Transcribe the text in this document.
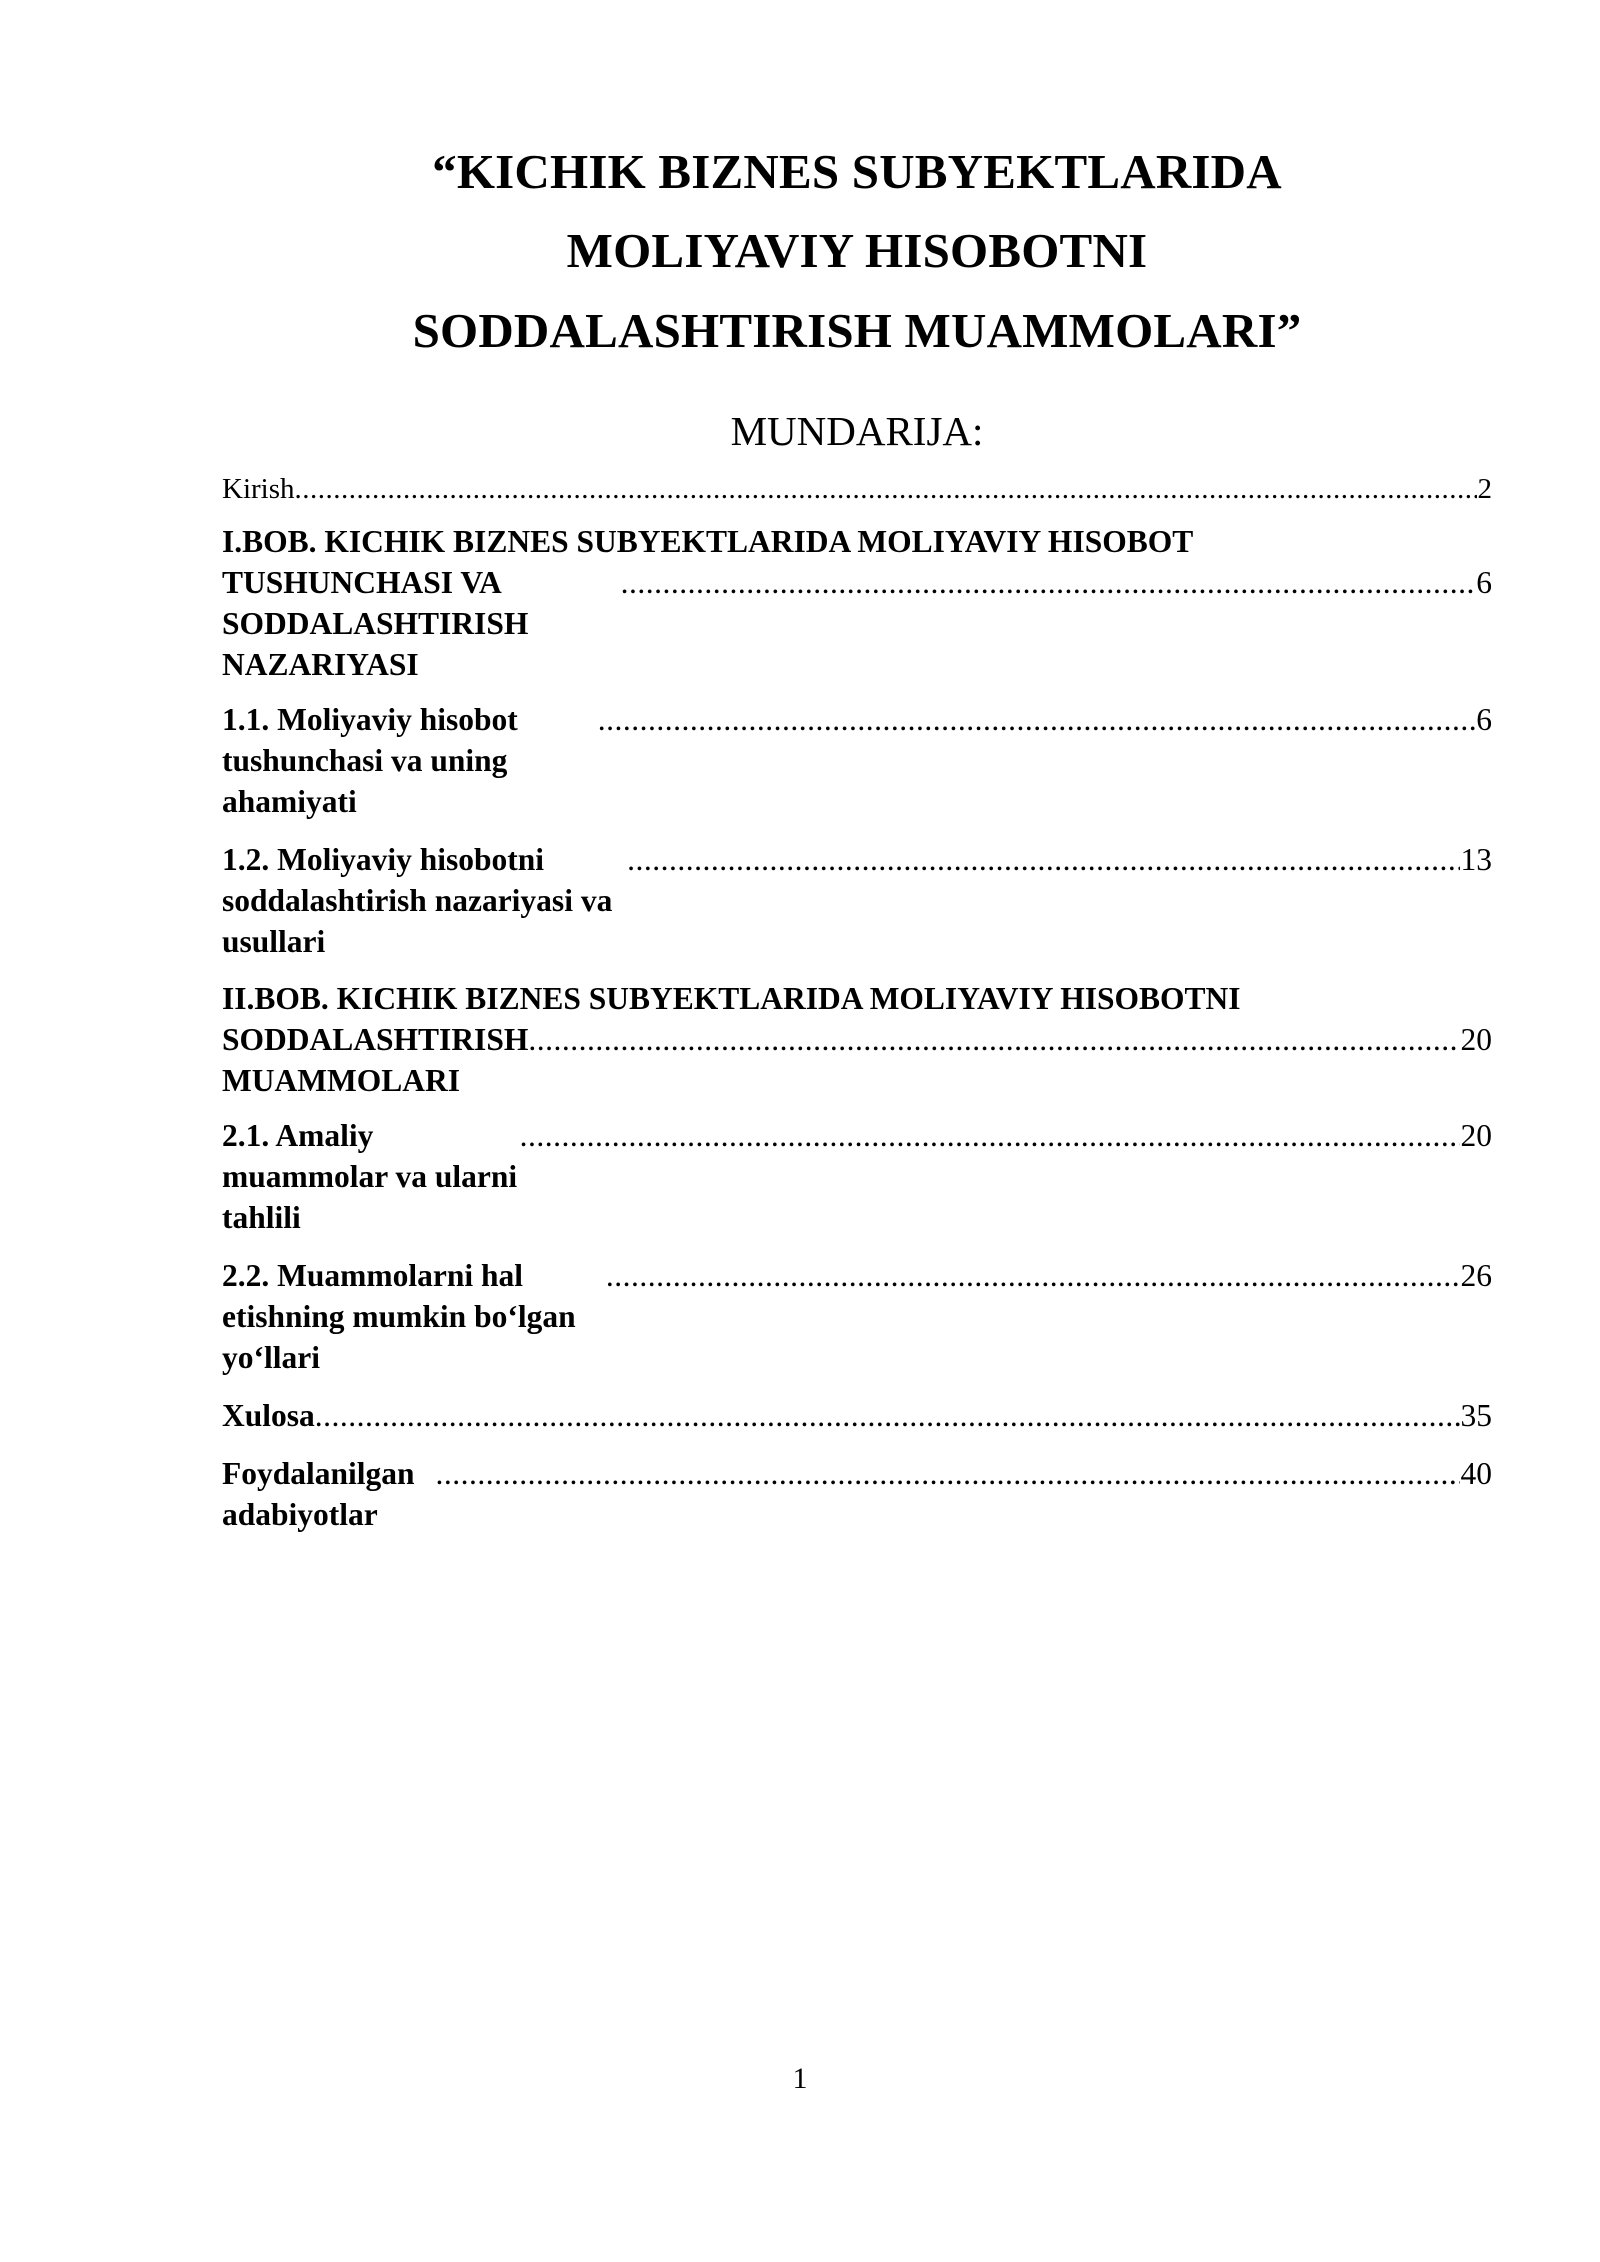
“KICHIK BIZNES SUBYEKTLARIDA
MOLIYAVIY HISOBOTNI
SODDALASHTIRISH MUAMMOLARI”
MUNDARIJA:
Kirish .....	2
I.BOB. KICHIK BIZNES SUBYEKTLARIDA MOLIYAVIY HISOBOT
TUSHUNCHASI VA SODDALASHTIRISH NAZARIYASI
.....
6
1.1. Moliyaviy hisobot tushunchasi va uning ahamiyati
.....
6
1.2. Moliyaviy hisobotni soddalashtirish nazariyasi va usullari
.....
13
II.BOB. KICHIK BIZNES SUBYEKTLARIDA MOLIYAVIY HISOBOTNI
SODDALASHTIRISH MUAMMOLARI
.....
20
2.1. Amaliy muammolar va ularni tahlili
.....
20
2.2. Muammolarni hal etishning mumkin bo‘lgan yo‘llari
.....
26
Xulosa .....	35
Foydalanilgan adabiyotlar
.....
40
1
